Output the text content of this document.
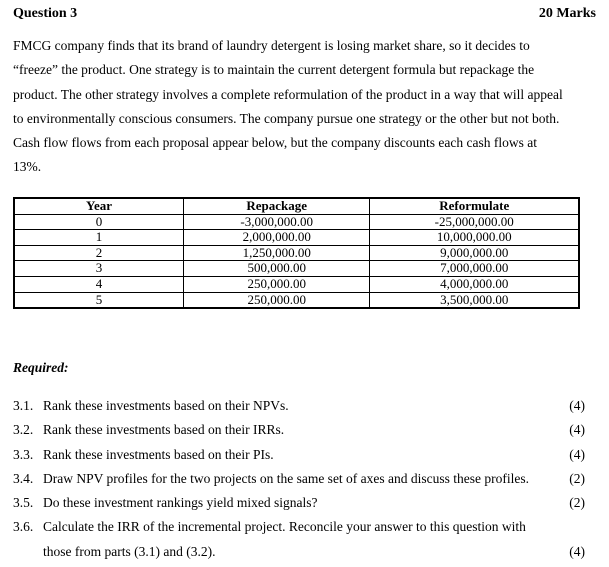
Question 3	20 Marks
FMCG company finds that its brand of laundry detergent is losing market share, so it decides to
“freeze” the product. One strategy is to maintain the current detergent formula but repackage the
product. The other strategy involves a complete reformulation of the product in a way that will appeal
to environmentally conscious consumers. The company pursue one strategy or the other but not both.
Cash flow flows from each proposal appear below, but the company discounts each cash flows at
13%.
Year	Repackage	Reformulate
0	-3,000,000.00	-25,000,000.00
1	2,000,000.00	10,000,000.00
2	1,250,000.00	9,000,000.00
3	500,000.00	7,000,000.00
4	250,000.00	4,000,000.00
5	250,000.00	3,500,000.00
Required:
3.1. Rank these investments based on their NPVs.	(4)
3.2. Rank these investments based on their IRRs.	(4)
3.3. Rank these investments based on their PIs.	(4)
3.4. Draw NPV profiles for the two projects on the same set of axes and discuss these profiles.	(2)
3.5. Do these investment rankings yield mixed signals?	(2)
3.6. Calculate the IRR of the incremental project. Reconcile your answer to this question with those from parts (3.1) and (3.2).	(4)
